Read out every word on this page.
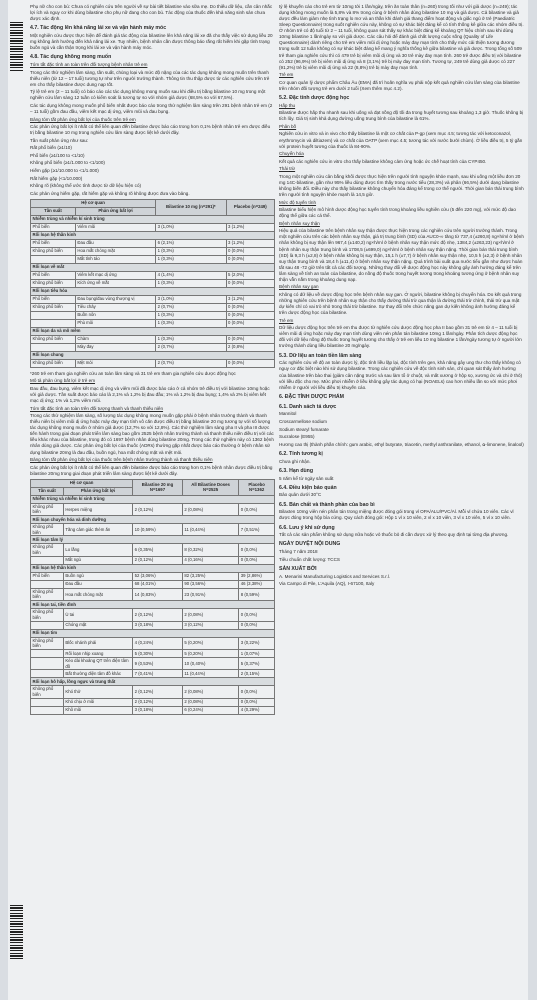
Phụ nữ cho con bú: Chưa có nghiên cứu trên người về sự bài tiết bilastine vào sữa mẹ. Do thiếu dữ liệu, cần cân nhắc lợi ích và nguy cơ khi dùng bilastine cho phụ nữ đang cho con bú. Tác động của thuốc đến khả năng sinh sản chưa được xác định.

4.7. Tác động lên khả năng lái xe và vận hành máy móc

Một nghiên cứu được thực hiện để đánh giá tác động của bilastine lên khả năng lái xe đã cho thấy việc sử dụng liều 20 mg không ảnh hưởng đến khả năng lái xe. Tuy nhiên, bệnh nhân cần được thông báo rằng rất hiếm khi gặp tình trạng buồn ngủ và cần thận trọng khi lái xe và vận hành máy móc.

4.8. Tác dụng không mong muốn

Tóm tắt đặc tính an toàn trên đối tượng bệnh nhân trẻ em

Trong các thử nghiệm lâm sàng, tần suất, chủng loại và mức độ nặng của các tác dụng không mong muốn trên thanh thiếu niên (từ 12 – 17 tuổi) tương tự như trên người trưởng thành. Thông tin thu thập được từ các nghiên cứu trên trẻ em cho thấy bilastine được dung nạp tốt.

Tỷ lệ trẻ em (2 – 11 tuổi) có báo cáo các tác dụng không mong muốn sau khi điều trị bằng bilastine 10 mg trong một nghiên cứu lâm sàng 12 tuần có kiểm soát là tương tự so với nhóm giả dược (68,5% so với 67,5%).

Các tác dụng không mong muốn phổ biến nhất được báo cáo trong thử nghiệm lâm sàng trên 291 bệnh nhân trẻ em (2 – 11 tuổi) gồm đau đầu, viêm kết mạc dị ứng, viêm mũi và đau bụng.

Bảng tóm tắt phản ứng bất lợi của thuốc trên trẻ em

Các phản ứng bất lợi ít nhất có thể liên quan đến bilastine được báo cáo trong hơn 0,1% bệnh nhân trẻ em được điều trị bằng bilastine 10 mg trong nghiên cứu lâm sàng được liệt kê dưới đây.

Tần suất phản ứng như sau:

Rất phổ biến (≥1/10)

Phổ biến (≥1/100 to <1/10)

Không phổ biến (≥1/1.000 to <1/100)

Hiếm gặp (≥1/10.000 to <1/1.000)

Rất hiếm gặp (<1/10.000)

Không rõ (không thể ước tính được từ dữ liệu hiện có)

Các phản ứng hiếm gặp, rất hiếm gặp và không rõ không được đưa vào bảng.

Hệ cơ quan		Bilastine 10 mg (n=291)*	Placebo (n=249)
Tần suất	Phản ứng bất lợi		
Nhiễm trùng và nhiễm kí sinh trùng			
Phổ biến	Viêm mũi	3 (1,0%)	3 (1,2%)
Rối loạn hệ thần kinh			
Phổ biến	Đau đầu	6 (2,1%)	3 (1,2%)
Không phổ biến	Hoa mắt chóng mặt	1 (0,3%)	0 (0,0%)
	Mất tỉnh táo	1 (0,3%)	0 (0,0%)
Rối loạn về mắt			
Phổ biến	Viêm kết mạc dị ứng	4 (1,4%)	5 (2,0%)
Không phổ biến	Kích ứng về mắt	1 (0,3%)	0 (0,0%)
Rối loạn tiêu hóa			
Phổ biến	Đau bụng/đau vùng thượng vị	3 (1,0%)	3 (1,2%)
Không phổ biến	Tiêu chảy	2 (0,7%)	0 (0,0%)
	Buồn nôn	1 (0,3%)	0 (0,0%)
	Phù môi	1 (0,3%)	0 (0,0%)
Rối loạn da và mô mềm			
Không phổ biến	Chàm	1 (0,3%)	0 (0,0%)
	Mày đay	2 (0,7%)	2 (0,8%)
Rối loạn chung			
Không phổ biến	Mệt mỏi	2 (0,7%)	0 (0,0%)

*260 trẻ em tham gia nghiên cứu an toàn lâm sàng và 31 trẻ em tham gia nghiên cứu dược động học

Mô tả phản ứng bất lợi ở trẻ em

Đau đầu, đau bụng, viêm kết mạc dị ứng và viêm mũi đã được báo cáo ở cả nhóm trẻ điều trị với bilastine 10mg hoặc với giả dược. Tần suất được báo cáo là 2,1% và 1,2% bị đau đầu; 1% và 1,2% bị đau bụng; 1,4% và 2% bị viêm kết mạc dị ứng; 1% và 1,2% viêm mũi.

Tóm tắt đặc tính an toàn trên đối tượng thanh và thanh thiếu niên

Trong các thử nghiệm lâm sàng, số lượng tác dụng không mong muốn gặp phải ở bệnh nhân trưởng thành và thanh thiếu niên bị viêm mũi dị ứng hoặc mày đay mạn tính vô căn được điều trị bằng bilastine 20 mg tương tự với số lượng tác dụng không mong muốn ở nhóm giả dược (12,7% so với 12,8%). Các thử nghiệm lâm sàng pha II và pha III được tiến hành trong giai đoạn phát triển lâm sàng bao gồm 2525 bệnh nhân trưởng thành và thanh thiếu niên điều trị với các liều khác nhau của bilastine, trong đó có 1697 bệnh nhân dùng bilastine 20mg. Trong các thử nghiệm này có 1362 bệnh nhân dùng giả dược. Các phản ứng bất lợi của thuốc (ADRs) thường gặp nhất được báo cáo thường ở bệnh nhân sử dụng bilastine 20mg là đau đầu, buồn ngủ, hoa mắt chóng mặt và mệt mỏi.

Bảng tóm tắt phản ứng bất lợi của thuốc trên bệnh nhân trưởng thành và thanh thiếu niên

Các phản ứng bất lợi ít nhất có thể liên quan đến bilastine được báo cáo trong hơn 0,1% bệnh nhân được điều trị bằng bilastine 20mg trong giai đoạn phát triển lâm sàng được liệt kê dưới đây.

Hệ cơ quan		Bilastine 20 mg N=1697	All Bilastine Doses N=2525	Placebo N=1362
Tần suất	Phản ứng bất lợi			
Nhiễm trùng và nhiễm kí sinh trùng				
Không phổ biến	Herpes miệng	2 (0,12%)	2 (0,08%)	0 (0,0%)
Rối loạn chuyển hóa và dinh dưỡng				
Không phổ biến	Tăng cảm giác thèm ăn	10 (0,59%)	11 (0,44%)	7 (0,51%)
Rối loạn tâm lý				
Không phổ biến	Lo lắng	6 (0,35%)	8 (0,32%)	0 (0,0%)
	Mất ngủ	2 (0,12%)	4 (0,16%)	0 (0,0%)
Rối loạn hệ thần kinh				
Phổ biến	Buồn ngủ	52 (3,06%)	82 (3,25%)	39 (2,86%)
	Đau đầu	68 (4,01%)	90 (3,56%)	46 (3,38%)
Không phổ biến	Hoa mắt chóng mặt	14 (0,83%)	23 (0,91%)	8 (0,59%)
Rối loạn tai, tiền đình				
Không phổ biến	Ù tai	2 (0,12%)	2 (0,08%)	0 (0,0%)
	Chóng mặt	3 (0,18%)	3 (0,12%)	0 (0,0%)
Rối loạn tim				
Không phổ biến	Blốc nhánh phải	4 (0,24%)	5 (0,20%)	3 (0,22%)
	Rối loạn nhịp xoang	5 (0,30%)	5 (0,20%)	1 (0,07%)
	Kéo dài khoảng QT trên điện tâm đồ	9 (0,53%)	10 (0,40%)	5 (0,37%)
	Bất thường điện tâm đồ khác	7 (0,41%)	11 (0,44%)	2 (0,15%)
Rối loạn hô hấp, lồng ngực và trung thất				
Không phổ biến	Khó thở	2 (0,12%)	2 (0,08%)	0 (0,0%)
	Khó chịu ở mũi	2 (0,12%)	2 (0,08%)	0 (0,0%)
	Khô mũi	3 (0,18%)	6 (0,24%)	4 (0,29%)

tỷ lệ khuyến cáo cho trẻ em từ 10mg tới 1 lần/ngày, trên ăn toàn thân (n=260) trong tối như với giả dược (n=249); tác dụng không mong muốn là 5,8% và 8% trong cùng ở bệnh nhân dùng bilastine 10 mg và giả dược. Cả bilastine và giả dược đều làm giảm nhẹ tình trạng lo mơ và an thần khi đánh giá thang điểm hoạt động và giấc ngủ ở trẻ (Paediatric Sleep Questionnaire) trong suốt nghiên cứu này, không có sự khác biệt đáng kể có tính thống kê giữa các nhóm điều trị. Ở nhóm trẻ có độ tuổi từ 2 – 11 tuổi, không quan sát thấy sự khác biệt đáng kể khoảng QT hiệu chính sau khi dùng 10mg bilastine 1 lần/ngày so với giả dược. Các câu hỏi để đánh giá chất lượng cuộc sống (Quality of Life Questionnaire) dành riêng cho trẻ em viêm mũi dị ứng hoặc mày đay mạn tính cho thấy mức cải thiện tương đương trong suốt 12 tuần không có sự khác biệt đáng kể mang ý nghĩa thống kê giữa bilastine và giả dược. Trong tổng số 509 trẻ tham gia nghiên cứu thì có 479 trẻ bị viêm mũi dị ứng và 30 trẻ mày đay mạn tính. 260 trẻ được điều trị với bilastine có 252 (96,9%) trẻ bị viêm mũi dị ứng và 8 (3,1%) trẻ bị mày đay mạn tính. Tương tự, 249 trẻ dùng giả dược có 227 (91,2%) trẻ bị viêm mũi dị ứng và 22 (8,8%) trẻ bị mày đay mạn tính.

Trẻ em

Cơ quan quản lý dược phẩm Châu Âu (EMA) đã trì hoãn nghĩa vụ phải nộp kết quả nghiên cứu lâm sàng của bilastine trên nhóm đối tượng trẻ em dưới 2 tuổi (Xem thêm mục 4.2).

5.2. Đặc tính dược động học

Hấp thu

Bilastine được hấp thu nhanh sau khi uống và đạt nồng độ tối đa trong huyết tương sau khoảng 1,3 giờ. Thuốc không bị tích lũy. Giá trị sinh khả dụng đường uống trung bình của bilastine là 61%.

Phân bố

Nghiên cứu in vitro và in vivo cho thấy bilastine là một cơ chất của P-gp (xem mục 4.5; tương tác với ketoconazol, erythromycin và diltiazem) và cơ chất của OATP (xem mục 4.5; tương tác với nước bưởi chùm). Ở liều điều trị, 5 tỷ gắn với protein huyết tương của thuốc là 84-90%.

Chuyển hóa

Kết quả các nghiên cứu in vitro cho thấy bilastine không cảm ứng hoặc ức chế hoạt tính của CYP450.

Thải trừ

Trong một nghiên cứu cân bằng khối được thực hiện trên người tình nguyện khỏe mạnh, sau khi uống một liều đơn 20 mg 14C-bilastine, gần như 95% liều dùng được tìm thấy trong nước tiểu (28,3%) và phân (66,5%) dưới dạng bilastine không biến đổi. Điều này cho thấy bilastine không chuyển hóa đáng kể trong cơ thể người. Thời gian bán thải trung bình trên người tình nguyện khỏe mạnh là 14,5 giờ.

Mức độ tuyến tính

Bilastine biểu hiện mô hình dược động học tuyến tính trong khoảng liều nghiên cứu (5 đến 220 mg), với mức độ dao động thể giữa các cá thể.

Bệnh nhân suy thận

Hiệu quả của bilastine trên bệnh nhân suy thận được thực hiện trong các nghiên cứu trên người trưởng thành. Trong một nghiên cứu trên các bệnh nhân suy thận, giá trị trung bình (SD) của AUC0-∞ tăng từ 737,4 (±260,8) ng×h/ml ở bệnh nhân không bị suy thận lên 967,4 (±140,2) ng×h/ml ở bệnh nhân suy thận mức độ nhẹ, 1384,2 (±263,23) ng×h/ml ở bệnh nhân suy thận trung bình và 1708,5 (±699,0) ng×h/ml ở bệnh nhân suy thận nặng. Thời gian bán thải trung bình (SD) là 9,3 h (±2,8) ở bệnh nhân không bị suy thận, 15,1 h (±7,7) ở bệnh nhân suy thận nhẹ, 10,5 h (±2,3) ở bệnh nhân suy thận trung bình và 18,4 h (±11,4) ở bệnh nhân suy thận nặng. Quá trình bài xuất qua nước tiểu gần như được hoàn tất sau 48 -72 giờ trên tất cả các đối tượng. Những thay đổi về dược động học này không gây ảnh hưởng đáng kể trên lâm sàng về tính an toàn của bilastine, do nồng độ thuốc trong huyết tương trong khoảng tương ứng ở bệnh nhân suy thận vẫn nằm trong khoảng dung nạp.

Bệnh nhân suy gan

Không có dữ liệu về dược động học trên bệnh nhân suy gan. Ở người, bilastine không bị chuyển hóa. Do kết quả trong những nghiên cứu trên bệnh nhân suy thận cho thấy đường thải trừ qua thận là đường thải trừ chính, thải trừ qua mật dự kiến chỉ có vai trò nhỏ trong thải trừ bilastine. Sự thay đổi trên chức năng gan dự kiến không ảnh hưởng đáng kể trên dược động học của bilastine.

Trẻ em

Dữ liệu dược động học trên trẻ em thu được từ nghiên cứu dược động học pha II bao gồm 31 trẻ em từ 4 – 11 tuổi bị viêm mũi dị ứng hoặc mày đay mạn tính dùng viên nén phân tán bilastine 10mg 1 lần/ngày. Phân tích dược động học đối với dữ liệu nồng độ thuốc trong huyết tương cho thấy ở trẻ em liều 10 mg bilastine 1 lần/ngày tương tự ở người lớn trưởng thành dùng liều bilastine 20 mg/ngày.

5.3. Dữ liệu an toàn tiền lâm sàng

Các nghiên cứu về độ an toàn dược lý, độc tính liều lặp lại, độc tính trên gen, khả năng gây ung thư cho thấy không có nguy cơ đặc biệt nào khi sử dụng bilastine. Trong các nghiên cứu về độc tính sinh sản, chỉ quan sát thấy ảnh hưởng của bilastine trên bào thai (giảm cân nặng trước và sau làm tổ ở chuột, và mất xương ở hộp sọ, xương ức và chi ở thỏ) với liều độc cho mẹ. Mức phơi nhiễm ở liều không gây tác dụng có hại (NOAELs) cao hơn nhiều lần so với mức phơi nhiễm ở người với liều điều trị khuyến cáo.

6. ĐẶC TÍNH DƯỢC PHẨM
6.1. Danh sách tá dược

Mannitol

Croscarmellose sodium

Sodium stearyl fumarate

Sucralose (E955)

Hương cao thị (thành phần chính: gum arabic, ethyl butyrate, triacetin, methyl anthranilate, ethanol, ⍺-limonene, linalool)

6.2. Tính tương kị

Chưa ghi nhận.

6.3. Hạn dùng

5 năm kể từ ngày sản xuất

6.4. Điều kiện bảo quản

Bảo quản dưới 30°C

6.5. Bản chất và thành phần của bao bì

Bilaxten 10mg viên nén phân tán trong miệng được đóng gói trong vỉ OPA/ALU/PVC/Al. Mỗi vỉ chứa 10 viên. Các vỉ được đóng trong hộp bìa cứng. Quy cách đóng gói: Hộp 1 vỉ x 10 viên, 2 vỉ x 10 viên, 3 vỉ x 10 viên, 5 vỉ x 10 viên.

6.6. Lưu ý khi sử dụng

Tất cả các sản phẩm không sử dụng nữa hoặc vỏ thuốc bỏ đi cần được xử lý theo quy định tại từng địa phương.

NGÀY DUYỆT NỘI DUNG

Tháng 7 năm 2018

Tiêu chuẩn chất lượng: TCCS

SẢN XUẤT BỞI

A. Menarini Manufacturing Logistics and Services S.r.l.

Via Campo di Pile, L'Aquila (AQ), I-67100, Italy
